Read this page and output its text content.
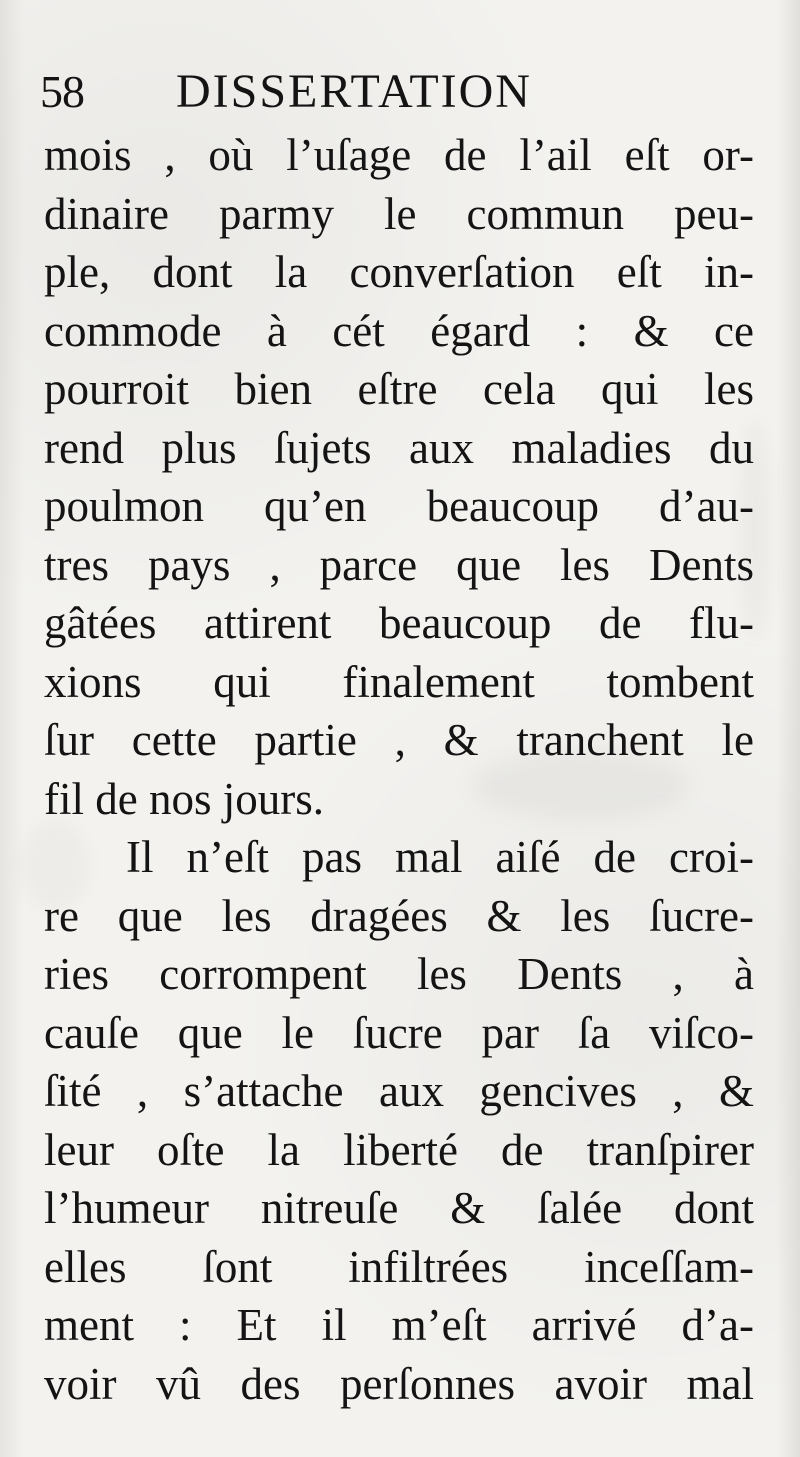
58 DISSERTATION
mois , où l’uſage de l’ail eſt or-
dinaire parmy le commun peu-
ple, dont la converſation eſt in-
commode à cét égard : & ce
pourroit bien eſtre cela qui les
rend plus ſujets aux maladies du
poulmon qu’en beaucoup d’au-
tres pays , parce que les Dents
gâtées attirent beaucoup de flu-
xions qui finalement tombent
ſur cette partie , & tranchent le
fil de nos jours.
Il n’eſt pas mal aiſé de croi-
re que les dragées & les ſucre-
ries corrompent les Dents , à
cauſe que le ſucre par ſa viſco-
ſité , s’attache aux gencives , &
leur oſte la liberté de tranſpirer
l’humeur nitreuſe & ſalée dont
elles ſont infiltrées inceſſam-
ment : Et il m’eſt arrivé d’a-
voir vû des perſonnes avoir mal
